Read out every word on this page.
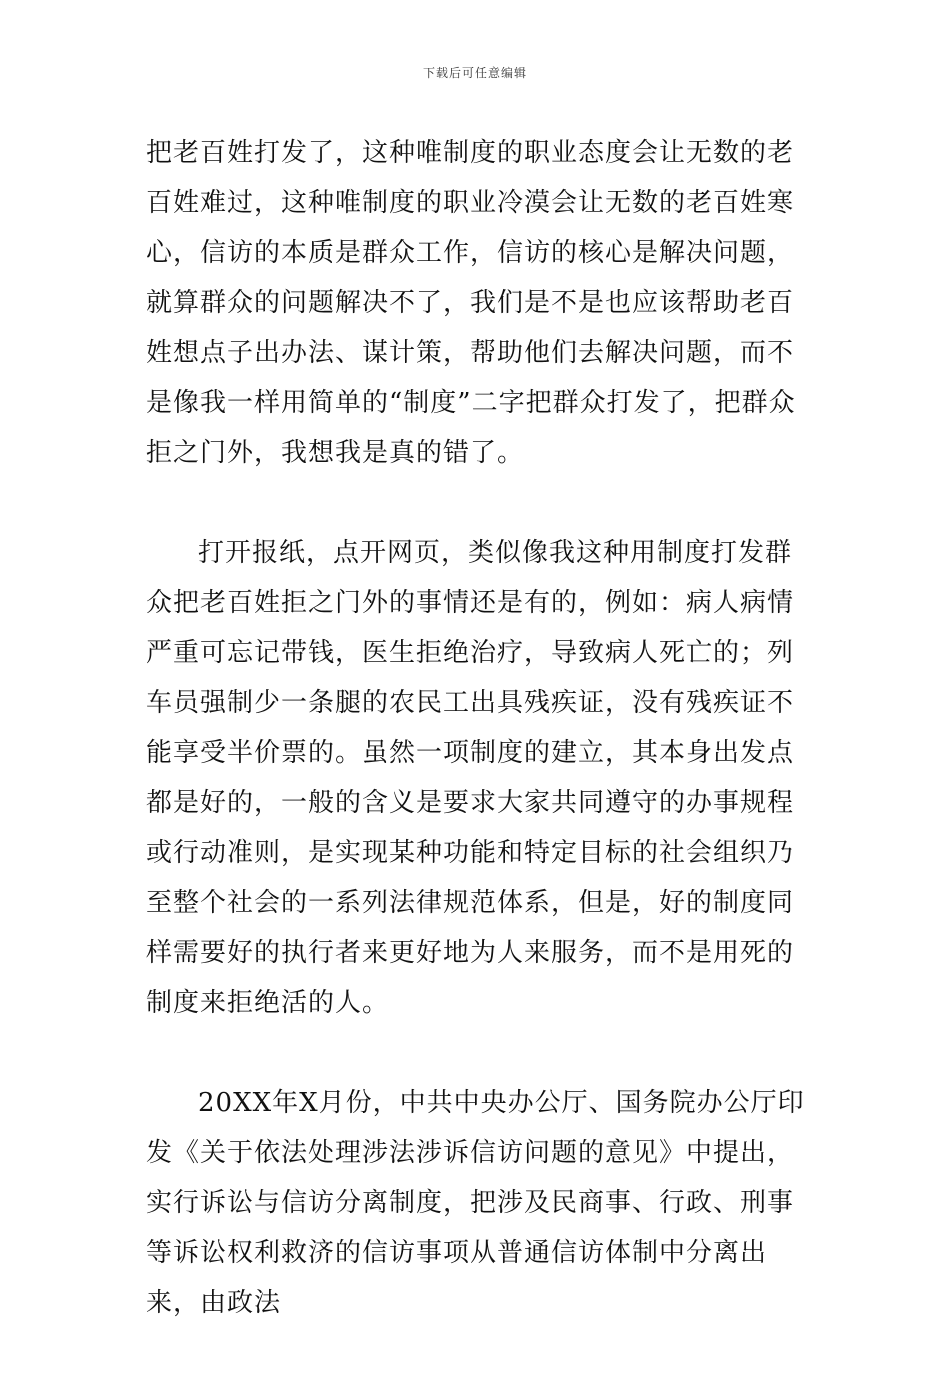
下载后可任意编辑

把老百姓打发了，这种唯制度的职业态度会让无数的老百姓难过，这种唯制度的职业冷漠会让无数的老百姓寒心，信访的本质是群众工作，信访的核心是解决问题，就算群众的问题解决不了，我们是不是也应该帮助老百姓想点子出办法、谋计策，帮助他们去解决问题，而不是像我一样用简单的“制度”二字把群众打发了，把群众拒之门外，我想我是真的错了。

打开报纸，点开网页，类似像我这种用制度打发群众把老百姓拒之门外的事情还是有的，例如：病人病情严重可忘记带钱，医生拒绝治疗，导致病人死亡的；列车员强制少一条腿的农民工出具残疾证，没有残疾证不能享受半价票的。虽然一项制度的建立，其本身出发点都是好的，一般的含义是要求大家共同遵守的办事规程或行动准则，是实现某种功能和特定目标的社会组织乃至整个社会的一系列法律规范体系，但是，好的制度同样需要好的执行者来更好地为人来服务，而不是用死的制度来拒绝活的人。

20XX年X月份，中共中央办公厅、国务院办公厅印发《关于依法处理涉法涉诉信访问题的意见》中提出，实行诉讼与信访分离制度，把涉及民商事、行政、刑事等诉讼权利救济的信访事项从普通信访体制中分离出来，由政法
